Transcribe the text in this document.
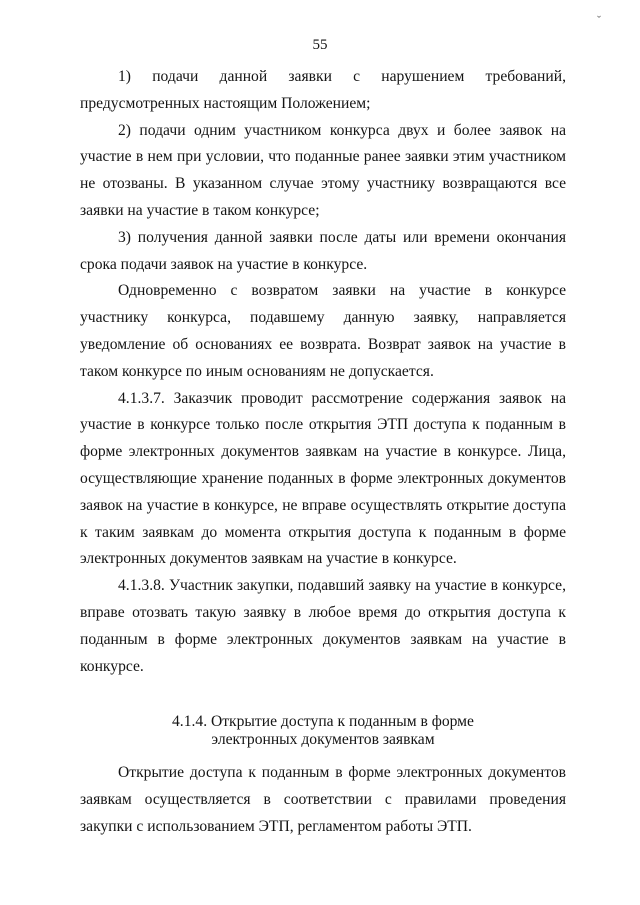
ˇ
55

1) подачи данной заявки с нарушением требований, предусмотренных настоящим Положением;

2) подачи одним участником конкурса двух и более заявок на участие в нем при условии, что поданные ранее заявки этим участником не отозваны. В указанном случае этому участнику возвращаются все заявки на участие в таком конкурсе;

3) получения данной заявки после даты или времени окончания срока подачи заявок на участие в конкурсе.

Одновременно с возвратом заявки на участие в конкурсе участнику конкурса, подавшему данную заявку, направляется уведомление об основаниях ее возврата. Возврат заявок на участие в таком конкурсе по иным основаниям не допускается.

4.1.3.7. Заказчик проводит рассмотрение содержания заявок на участие в конкурсе только после открытия ЭТП доступа к поданным в форме электронных документов заявкам на участие в конкурсе. Лица, осуществляющие хранение поданных в форме электронных документов заявок на участие в конкурсе, не вправе осуществлять открытие доступа к таким заявкам до момента открытия доступа к поданным в форме электронных документов заявкам на участие в конкурсе.

4.1.3.8. Участник закупки, подавший заявку на участие в конкурсе, вправе отозвать такую заявку в любое время до открытия доступа к поданным в форме электронных документов заявкам на участие в конкурсе.

4.1.4. Открытие доступа к поданным в форме
электронных документов заявкам

Открытие доступа к поданным в форме электронных документов заявкам осуществляется в соответствии с правилами проведения закупки с использованием ЭТП, регламентом работы ЭТП.
